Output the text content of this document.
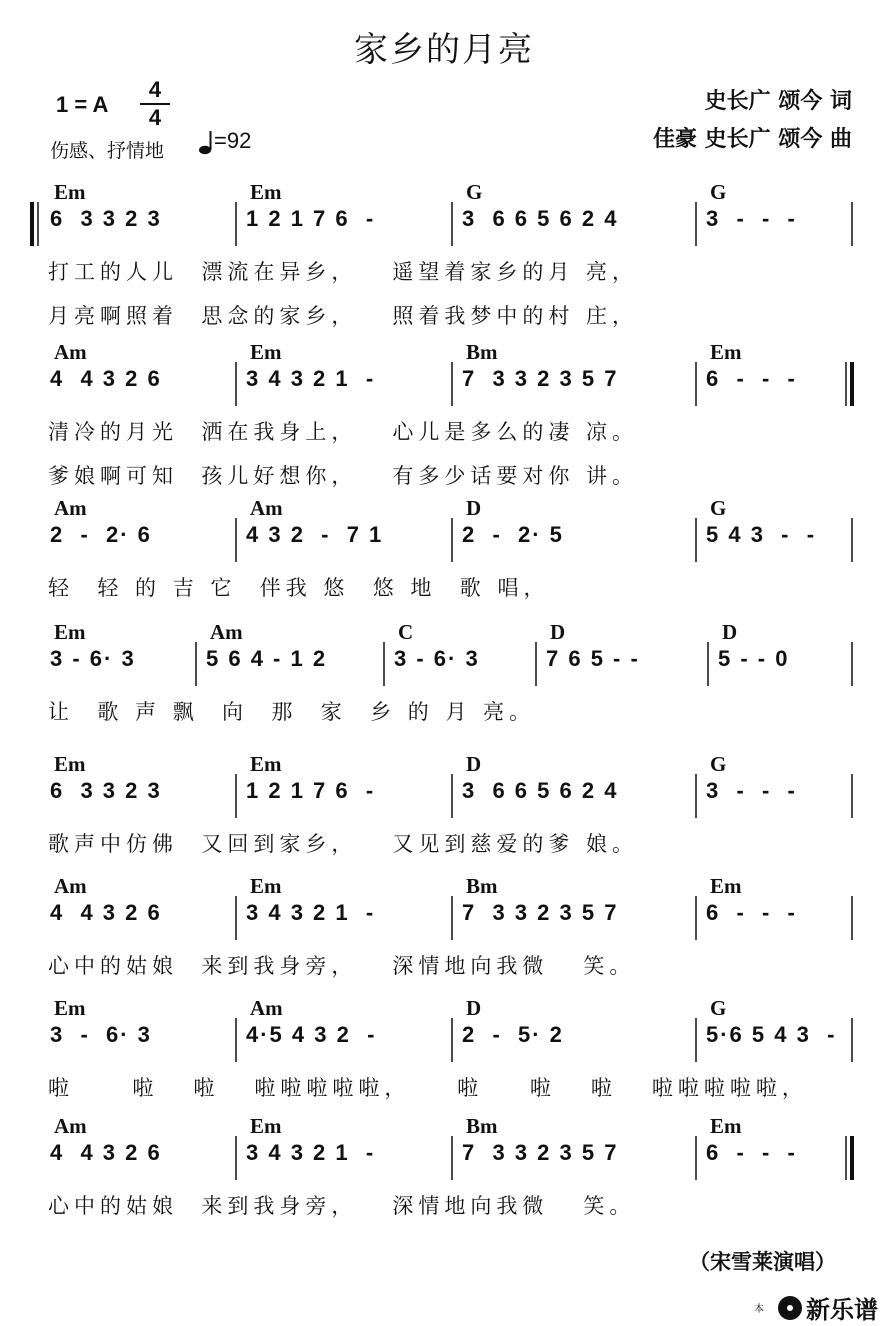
家乡的月亮
1 = A
4
4
伤感、抒情地	=92
史长广 颂今 词
佳豪 史长广 颂今 曲
Em	Em	G	G
6  3 3 2 3	1 2 1 7 6  -	3  6 6 5 6 2 4	3  -  -  -
打工的人儿  漂流在异乡，   遥望着家乡的月 亮，
月亮啊照着  思念的家乡，   照着我梦中的村 庄，
Am	Em	Bm	Em
4  4 3 2 6	3 4 3 2 1  -	7  3 3 2 3 5 7	6  -  -  -
清冷的月光  洒在我身上，   心儿是多么的凄 凉。
爹娘啊可知  孩儿好想你，   有多少话要对你 讲。
Am	Am	D	G
2  -  2· 6	4 3 2  -  7 1	2  -  2· 5	5 4 3  -  -
轻  轻 的 吉 它  伴我 悠  悠 地  歌 唱，
Em	Am	C	D	D
3 - 6· 3	5 6 4 - 1 2	3 - 6· 3	7 6 5 - -	5 - - 0
让  歌 声 飘  向  那  家  乡 的 月 亮。
Em	Em	D	G
6  3 3 2 3	1 2 1 7 6  -	3  6 6 5 6 2 4	3  -  -  -
歌声中仿佛  又回到家乡，   又见到慈爱的爹 娘。
Am	Em	Bm	Em
4  4 3 2 6	3 4 3 2 1  -	7  3 3 2 3 5 7	6  -  -  -
心中的姑娘  来到我身旁，   深情地向我微   笑。
Em	Am	D	G
3  -  6· 3	4·5 4 3 2  -	2  -  5· 2	5·6 5 4 3  -
啦     啦   啦   啦啦啦啦啦，    啦    啦   啦   啦啦啦啦啦，
Am	Em	Bm	Em
4  4 3 2 6	3 4 3 2 1  -	7  3 3 2 3 5 7	6  -  -  -
心中的姑娘  来到我身旁，   深情地向我微   笑。
（宋雪莱演唱）
本 新乐谱
